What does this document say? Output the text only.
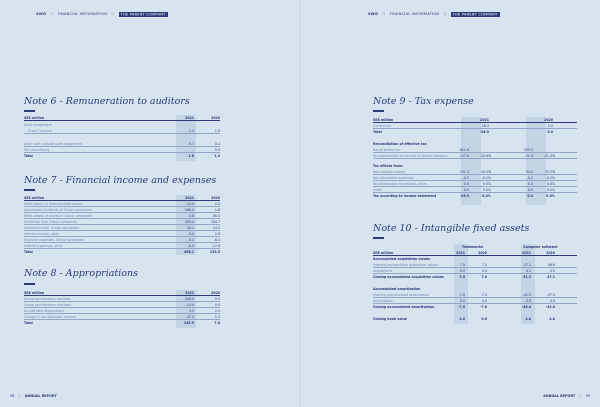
SWG // FINANCIAL INFORMATION // THE PARENT COMPANY
Note 6 - Remuneration to auditors
SEK million	2021	2020
Audit assignment
Grant Thornton	1.3	1.0
Audit work outside audit assignment	0.7	0.4
Tax consultancy	-	0.0
Total	1.8	1.4
Note 7 - Financial income and expenses
SEK million	2021	2020
Write-downs of financial fixed assets	-15.0	0.0
Anticipated dividends of Group companies	186.0	1.8
Write-downs of shares in Group companies	-3.8	-56.5
Dividends from Group companies	309.4	184.7
Interest income, Group companies	26.1	24.5
Interest income, other	0.4	2.9
Financial expenses, Group companies	-0.2	-6.4
Interest expenses, other	-6.0	-17.6
Total	496.1	133.3
Note 8 - Appropriations
SEK million	2021	2020
Group contributions received	208.0	0.0
Group contributions provided	-14.0	0.0
Accelerated depreciation	3.4	2.5
Change in tax allocation reserve	-47.5	5.3
Total	149.9	7.8
98 // ANNUAL REPORT
SWG // FINANCIAL INFORMATION // THE PARENT COMPANY
Note 9 - Tax expense
SEK million	2021	2020
Current tax	-26.9	0.0
Total	-26.9	0.0
Reconciliation of effective tax
Result before tax	611.6	103.3
Tax expense/tax at tax rate of parent company	-127.6	-20.6%	-21.9	-21.4%
Tax effects from:
Non-taxable income	101.3	16.3%	34.5	33.3%
Non-deductible expenses	-0.5	-0.1%	-0.2	-0.2%
Tax attributable to previous years	0.0	0.0%	0.0	0.0%
Other	0.0	0.0%	0.0	0.0%
Tax according to income statement	-26.9	-4.4%	0.0	0.0%
Note 10 - Intangible fixed assets
Trademarks	Computer software
SEK million	2021	2020	2021	2020
Accumulated acquisition values
Opening accumulated acquisition values	7.0	7.0	47.1	46.6
Acquisitions	0.0	0.0	4.1	0.5
Closing accumulated acquisition values	7.0	7.0	51.2	47.1
Accumulated amortisation
Opening accumulated amortisation	-7.0	-7.0	-42.5	-37.9
Amortisation	0.0	0.0	-3.9	-4.6
Closing accumulated amortisation	-7.0	-7.0	-46.4	-42.5
Closing book value	0.0	0.0	4.8	4.6
ANNUAL REPORT // 99
